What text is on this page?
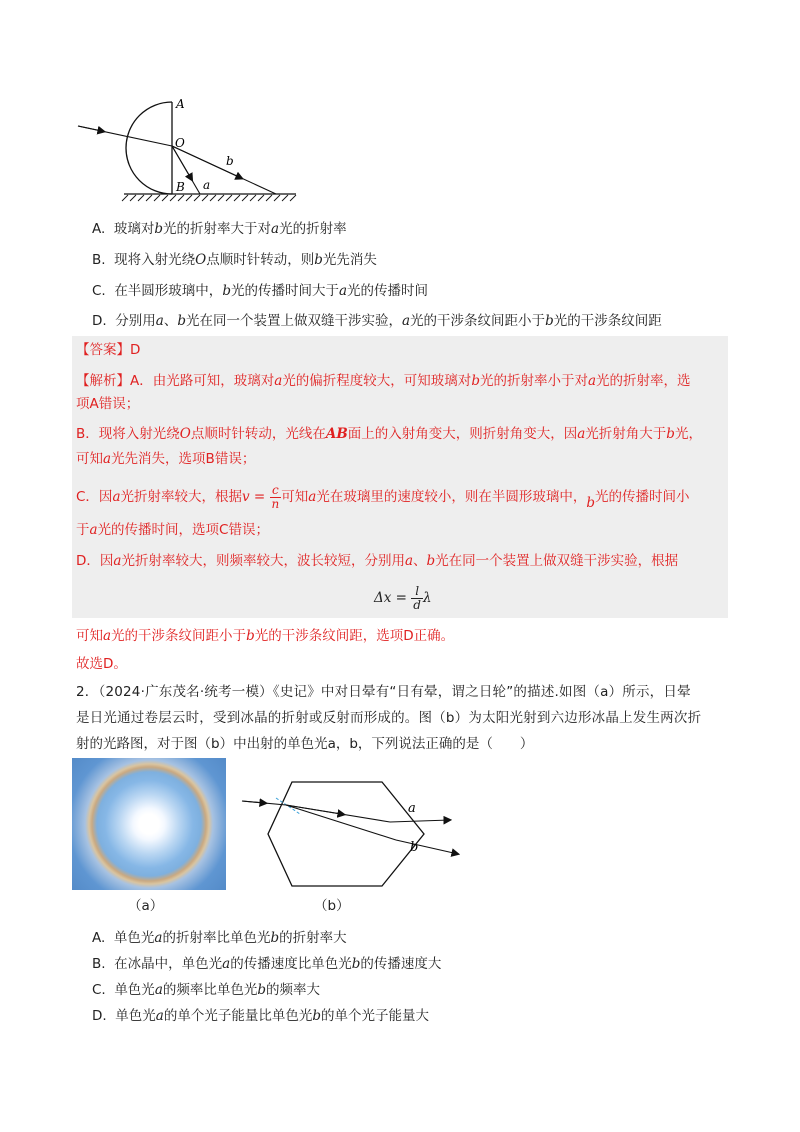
A
O
B a
b
A. 玻璃对b光的折射率大于对a光的折射率
B. 现将入射光绕O点顺时针转动，则b光先消失
C. 在半圆形玻璃中，b光的传播时间大于a光的传播时间
D. 分别用a、b光在同一个装置上做双缝干涉实验，a光的干涉条纹间距小于b光的干涉条纹间距
【答案】D
【解析】A．由光路可知，玻璃对a光的偏折程度较大，可知玻璃对b光的折射率小于对a光的折射率，选
项A错误；
B．现将入射光绕O点顺时针转动，光线在AB面上的入射角变大，则折射角变大，因a光折射角大于b光，
可知a光先消失，选项B错误；
C．因a光折射率较大，根据$v = \frac{c}{n}$ 可知a光在玻璃里的速度较小，则在半圆形玻璃中，b光的传播时间小
于a光的传播时间，选项C错误；
D．因a光折射率较大，则频率较大，波长较短，分别用a、b光在同一个装置上做双缝干涉实验，根据
$\Delta x = \frac{l}{d}$ λ
可知a光的干涉条纹间距小于b光的干涉条纹间距，选项D正确。
故选D。
2．（2024·广东茂名·统考一模）《史记》中对日晕有“日有晕，谓之日轮”的描述.如图（a）所示，日晕
是日光通过卷层云时，受到冰晶的折射或反射而形成的。图（b）为太阳光射到六边形冰晶上发生两次折
射的光路图，对于图（b）中出射的单色光a，b，下列说法正确的是（　　）
（a）
a
b
（b）
A. 单色光a的折射率比单色光b的折射率大
B. 在冰晶中，单色光a的传播速度比单色光b的传播速度大
C. 单色光a的频率比单色光b的频率大
D. 单色光a的单个光子能量比单色光b的单个光子能量大
